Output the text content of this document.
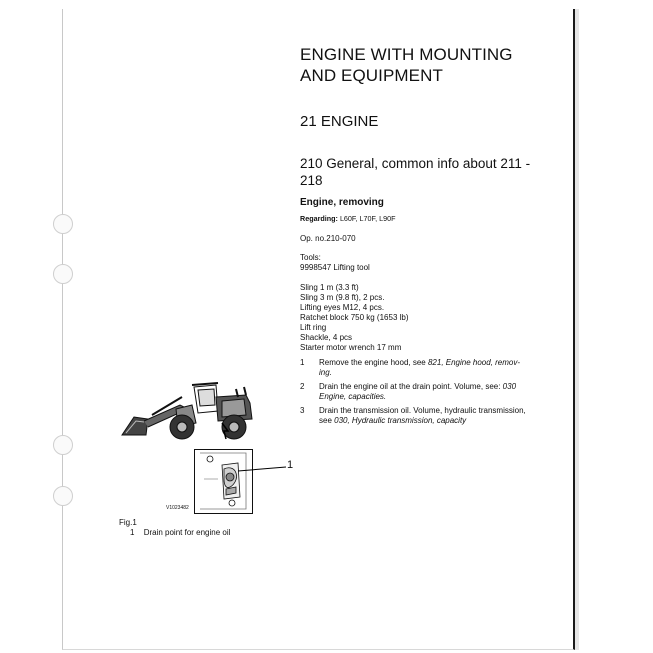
ENGINE WITH MOUNTING
AND EQUIPMENT
21 ENGINE
210 General, common info about 211 -
218
Engine, removing
Regarding: L60F, L70F, L90F
Op. no.210-070
Tools:
9998547 Lifting tool
Sling 1 m (3.3 ft)
Sling 3 m (9.8 ft), 2 pcs.
Lifting eyes M12, 4 pcs.
Ratchet block 750 kg (1653 lb)
Lift ring
Shackle, 4 pcs
Starter motor wrench 17 mm
1 Remove the engine hood, see 821, Engine hood, remov-
ing.
2 Drain the engine oil at the drain point. Volume, see: 030
Engine, capacities.
3 Drain the transmission oil. Volume, hydraulic transmission,
see 030, Hydraulic transmission, capacity
1
V1023482
Fig.1
1 Drain point for engine oil
